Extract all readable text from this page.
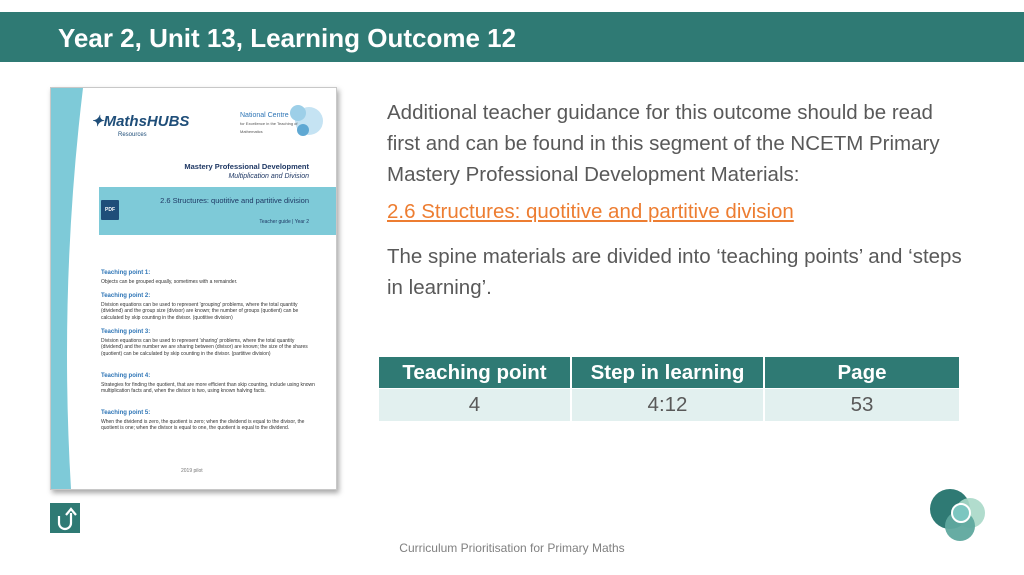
Year 2, Unit 13, Learning Outcome 12
✦MathsHUBS
Resources
National Centre
for Excellence in the Teaching of Mathematics
Mastery Professional Development
Multiplication and Division
PDF
2.6 Structures: quotitive and partitive division
Teacher guide | Year 2
Teaching point 1:
Objects can be grouped equally, sometimes with a remainder.
Teaching point 2:
Division equations can be used to represent 'grouping' problems, where the total quantity (dividend) and the group size (divisor) are known; the number of groups (quotient) can be calculated by skip counting in the divisor. (quotitive division)
Teaching point 3:
Division equations can be used to represent 'sharing' problems, where the total quantity (dividend) and the number we are sharing between (divisor) are known; the size of the shares (quotient) can be calculated by skip counting in the divisor. (partitive division)
Teaching point 4:
Strategies for finding the quotient, that are more efficient than skip counting, include using known multiplication facts and, when the divisor is two, using known halving facts.
Teaching point 5:
When the dividend is zero, the quotient is zero; when the dividend is equal to the divisor, the quotient is one; when the divisor is equal to one, the quotient is equal to the dividend.
2019 pilot

Additional teacher guidance for this outcome should be read first and can be found in this segment of the NCETM Primary Mastery Professional Development Materials:

2.6 Structures: quotitive and partitive division

The spine materials are divided into ‘teaching points’ and ‘steps in learning’.

Teaching point	Step in learning	Page
4	4:12	53
Curriculum Prioritisation for Primary Maths
